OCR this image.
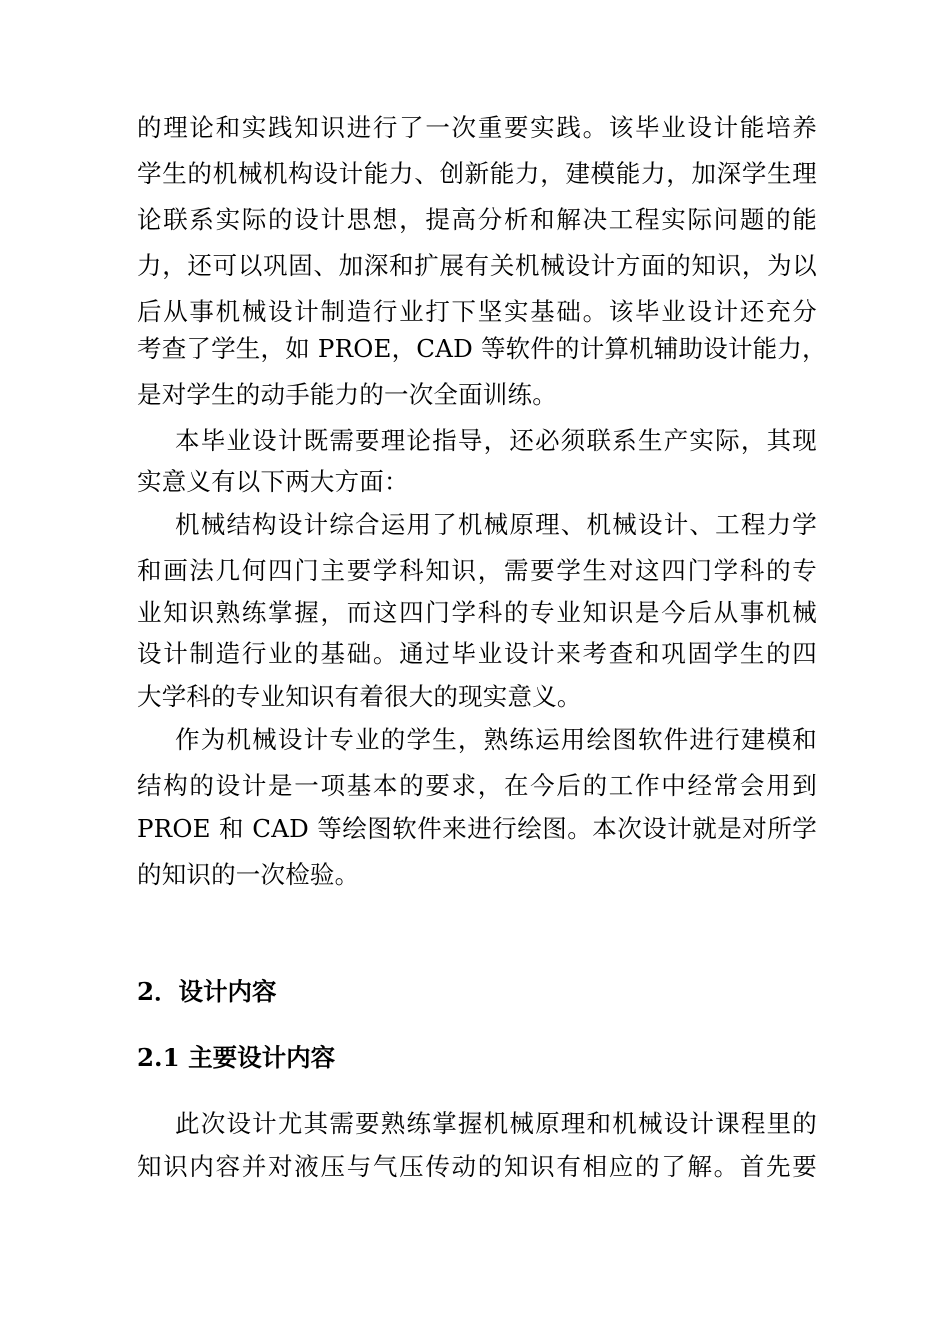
的理论和实践知识进行了一次重要实践。该毕业设计能培养
学生的机械机构设计能力、创新能力，建模能力，加深学生理
论联系实际的设计思想，提高分析和解决工程实际问题的能
力，还可以巩固、加深和扩展有关机械设计方面的知识，为以
后从事机械设计制造行业打下坚实基础。该毕业设计还充分
考查了学生，如 PROE，CAD 等软件的计算机辅助设计能力，
是对学生的动手能力的一次全面训练。
本毕业设计既需要理论指导，还必须联系生产实际，其现
实意义有以下两大方面：
机械结构设计综合运用了机械原理、机械设计、工程力学
和画法几何四门主要学科知识，需要学生对这四门学科的专
业知识熟练掌握，而这四门学科的专业知识是今后从事机械
设计制造行业的基础。通过毕业设计来考查和巩固学生的四
大学科的专业知识有着很大的现实意义。
作为机械设计专业的学生，熟练运用绘图软件进行建模和
结构的设计是一项基本的要求，在今后的工作中经常会用到
PROE 和 CAD 等绘图软件来进行绘图。本次设计就是对所学
的知识的一次检验。
2．设计内容
2.1 主要设计内容
此次设计尤其需要熟练掌握机械原理和机械设计课程里的
知识内容并对液压与气压传动的知识有相应的了解。首先要
